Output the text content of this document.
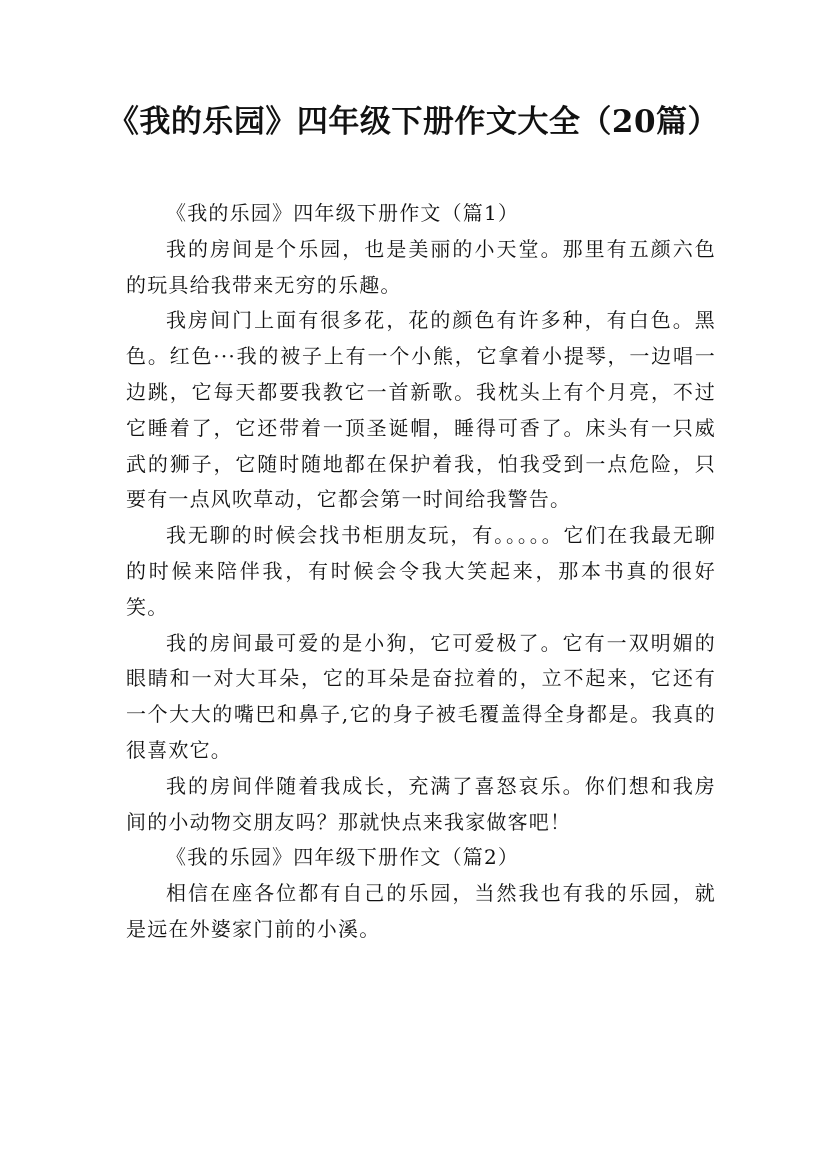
《我的乐园》四年级下册作文大全（20篇）

《我的乐园》四年级下册作文（篇1）

我的房间是个乐园，也是美丽的小天堂。那里有五颜六色的玩具给我带来无穷的乐趣。

我房间门上面有很多花，花的颜色有许多种，有白色。黑色。红色···我的被子上有一个小熊，它拿着小提琴，一边唱一边跳，它每天都要我教它一首新歌。我枕头上有个月亮，不过它睡着了，它还带着一顶圣诞帽，睡得可香了。床头有一只威武的狮子，它随时随地都在保护着我，怕我受到一点危险，只要有一点风吹草动，它都会第一时间给我警告。

我无聊的时候会找书柜朋友玩，有。。。。。它们在我最无聊的时候来陪伴我，有时候会令我大笑起来，那本书真的很好笑。

我的房间最可爱的是小狗，它可爱极了。它有一双明媚的眼睛和一对大耳朵，它的耳朵是奋拉着的，立不起来，它还有一个大大的嘴巴和鼻子,它的身子被毛覆盖得全身都是。我真的很喜欢它。

我的房间伴随着我成长，充满了喜怒哀乐。你们想和我房间的小动物交朋友吗？那就快点来我家做客吧！

《我的乐园》四年级下册作文（篇2）

相信在座各位都有自己的乐园，当然我也有我的乐园，就是远在外婆家门前的小溪。
